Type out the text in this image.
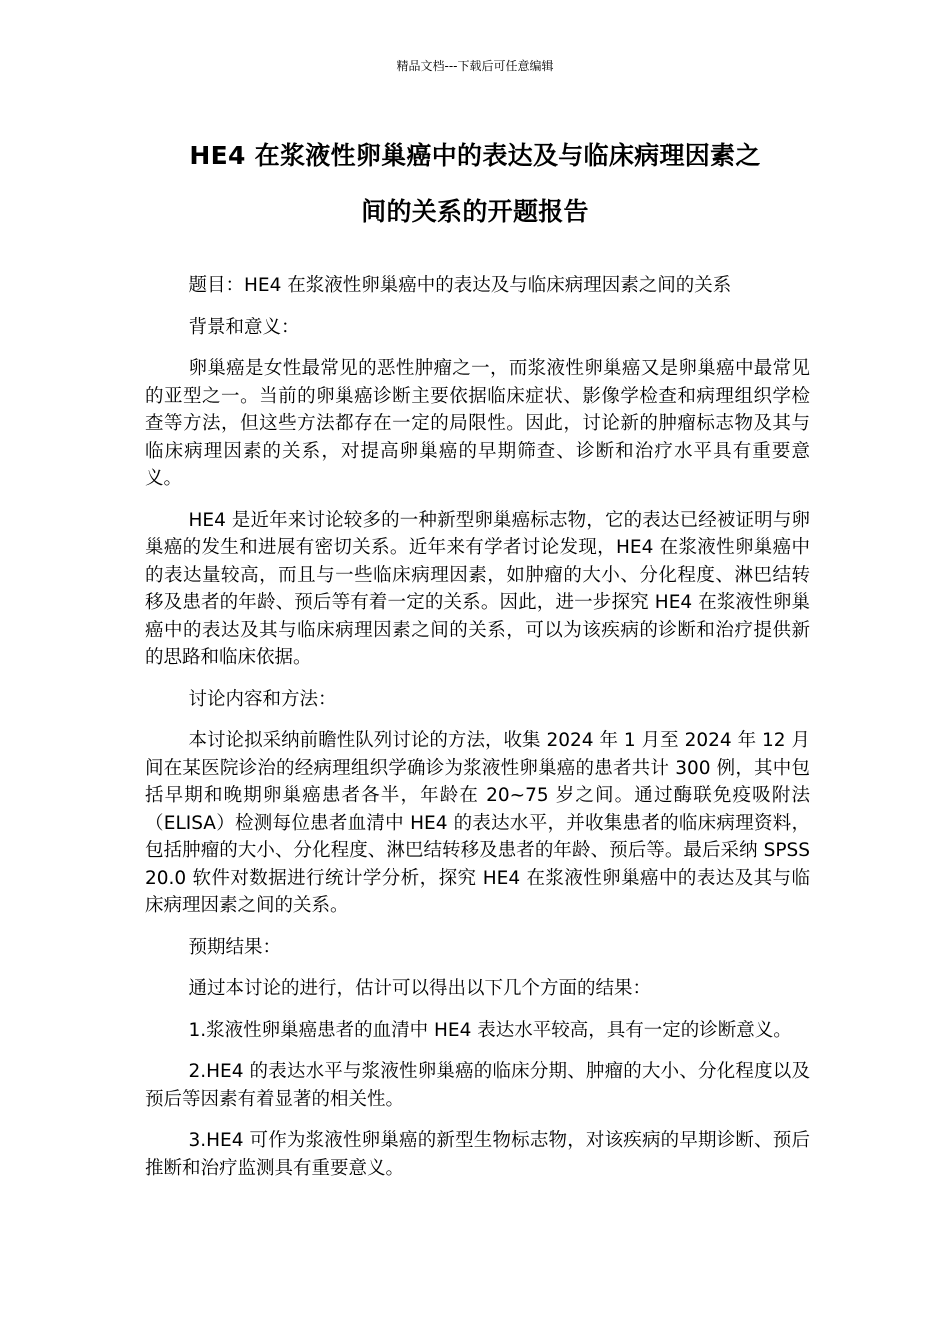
精品文档---下载后可任意编辑
HE4 在浆液性卵巢癌中的表达及与临床病理因素之
间的关系的开题报告

题目：HE4 在浆液性卵巢癌中的表达及与临床病理因素之间的关系

背景和意义：

卵巢癌是女性最常见的恶性肿瘤之一，而浆液性卵巢癌又是卵巢癌中最常见的亚型之一。当前的卵巢癌诊断主要依据临床症状、影像学检查和病理组织学检查等方法，但这些方法都存在一定的局限性。因此，讨论新的肿瘤标志物及其与临床病理因素的关系，对提高卵巢癌的早期筛查、诊断和治疗水平具有重要意义。

HE4 是近年来讨论较多的一种新型卵巢癌标志物，它的表达已经被证明与卵巢癌的发生和进展有密切关系。近年来有学者讨论发现，HE4 在浆液性卵巢癌中的表达量较高，而且与一些临床病理因素，如肿瘤的大小、分化程度、淋巴结转移及患者的年龄、预后等有着一定的关系。因此，进一步探究 HE4 在浆液性卵巢癌中的表达及其与临床病理因素之间的关系，可以为该疾病的诊断和治疗提供新的思路和临床依据。

讨论内容和方法：

本讨论拟采纳前瞻性队列讨论的方法，收集 2024 年 1 月至 2024 年 12 月间在某医院诊治的经病理组织学确诊为浆液性卵巢癌的患者共计 300 例，其中包括早期和晚期卵巢癌患者各半，年龄在 20~75 岁之间。通过酶联免疫吸附法（ELISA）检测每位患者血清中 HE4 的表达水平，并收集患者的临床病理资料，包括肿瘤的大小、分化程度、淋巴结转移及患者的年龄、预后等。最后采纳 SPSS 20.0 软件对数据进行统计学分析，探究 HE4 在浆液性卵巢癌中的表达及其与临床病理因素之间的关系。

预期结果：

通过本讨论的进行，估计可以得出以下几个方面的结果：

1.浆液性卵巢癌患者的血清中 HE4 表达水平较高，具有一定的诊断意义。

2.HE4 的表达水平与浆液性卵巢癌的临床分期、肿瘤的大小、分化程度以及预后等因素有着显著的相关性。

3.HE4 可作为浆液性卵巢癌的新型生物标志物，对该疾病的早期诊断、预后推断和治疗监测具有重要意义。
